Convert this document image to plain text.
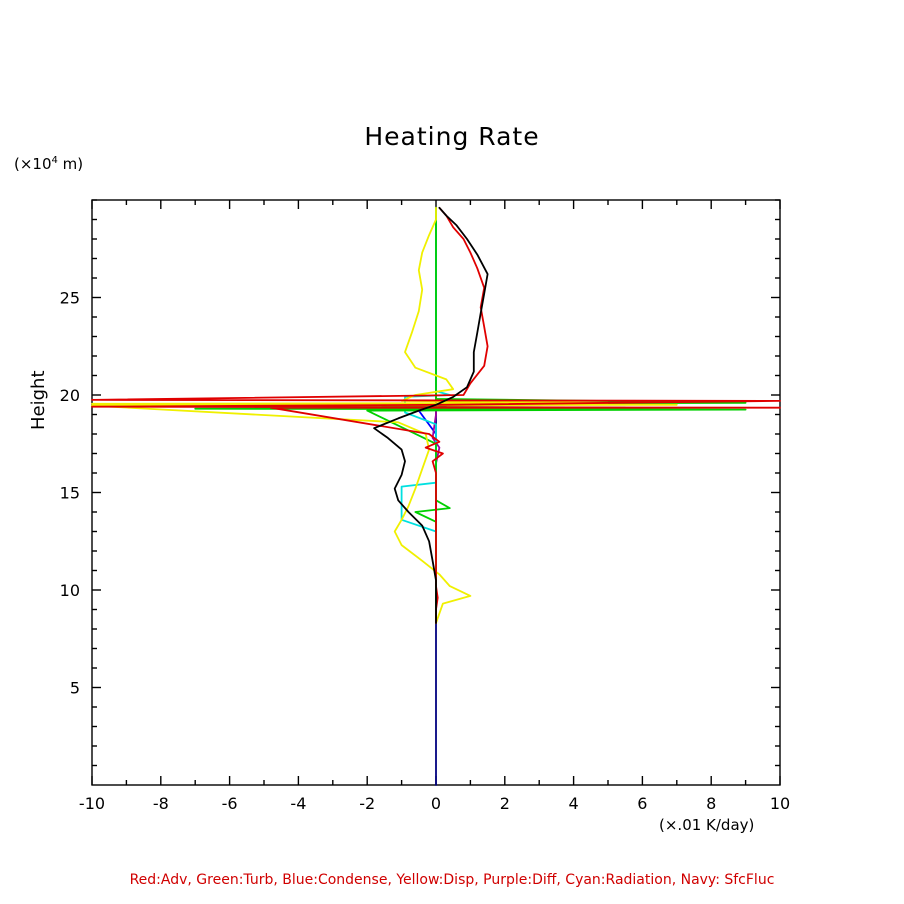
Heating Rate
($\times 10^4$ m)
Height
(×.01 K/day)
Red:Adv, Green:Turb, Blue:Condense, Yellow:Disp, Purple:Diff, Cyan:Radiation, Navy: SfcFluc
-10	-8	-6	-4	-2	0	2	4	6	8	10
5
10
15
20
25
